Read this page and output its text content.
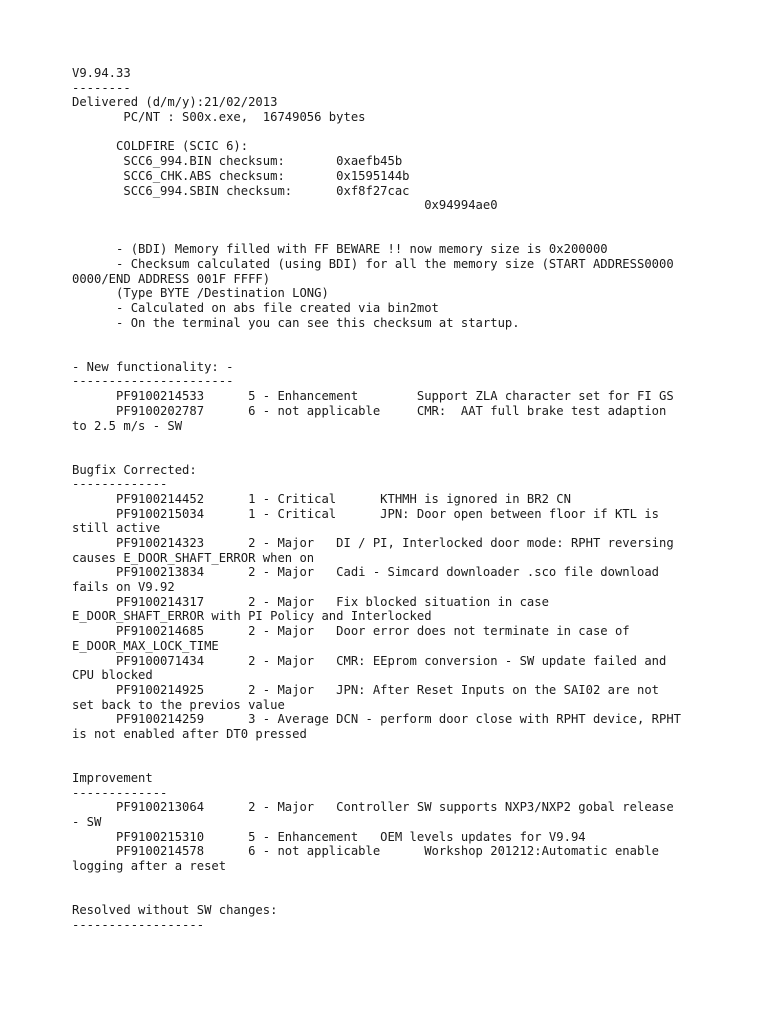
V9.94.33
--------
Delivered (d/m/y):21/02/2013
PC/NT : S00x.exe,  16749056 bytes
COLDFIRE (SCIC 6):
SCC6_994.BIN checksum:       0xaefb45b
SCC6_CHK.ABS checksum:       0x1595144b
SCC6_994.SBIN checksum:      0xf8f27cac
0x94994ae0
- (BDI) Memory filled with FF BEWARE !! now memory size is 0x200000
- Checksum calculated (using BDI) for all the memory size (START ADDRESS0000
0000/END ADDRESS 001F FFFF)
(Type BYTE /Destination LONG)
- Calculated on abs file created via bin2mot
- On the terminal you can see this checksum at startup.
- New functionality: -
----------------------
PF9100214533      5 - Enhancement        Support ZLA character set for FI GS
PF9100202787      6 - not applicable     CMR:  AAT full brake test adaption
to 2.5 m/s - SW
Bugfix Corrected:
-------------
PF9100214452      1 - Critical      KTHMH is ignored in BR2 CN
PF9100215034      1 - Critical      JPN: Door open between floor if KTL is
still active
PF9100214323      2 - Major   DI / PI, Interlocked door mode: RPHT reversing
causes E_DOOR_SHAFT_ERROR when on
PF9100213834      2 - Major   Cadi - Simcard downloader .sco file download
fails on V9.92
PF9100214317      2 - Major   Fix blocked situation in case
E_DOOR_SHAFT_ERROR with PI Policy and Interlocked
PF9100214685      2 - Major   Door error does not terminate in case of
E_DOOR_MAX_LOCK_TIME
PF9100071434      2 - Major   CMR: EEprom conversion - SW update failed and
CPU blocked
PF9100214925      2 - Major   JPN: After Reset Inputs on the SAI02 are not
set back to the previos value
PF9100214259      3 - Average DCN - perform door close with RPHT device, RPHT
is not enabled after DT0 pressed
Improvement
-------------
PF9100213064      2 - Major   Controller SW supports NXP3/NXP2 gobal release
- SW
PF9100215310      5 - Enhancement   OEM levels updates for V9.94
PF9100214578      6 - not applicable      Workshop 201212:Automatic enable
logging after a reset
Resolved without SW changes:
------------------
